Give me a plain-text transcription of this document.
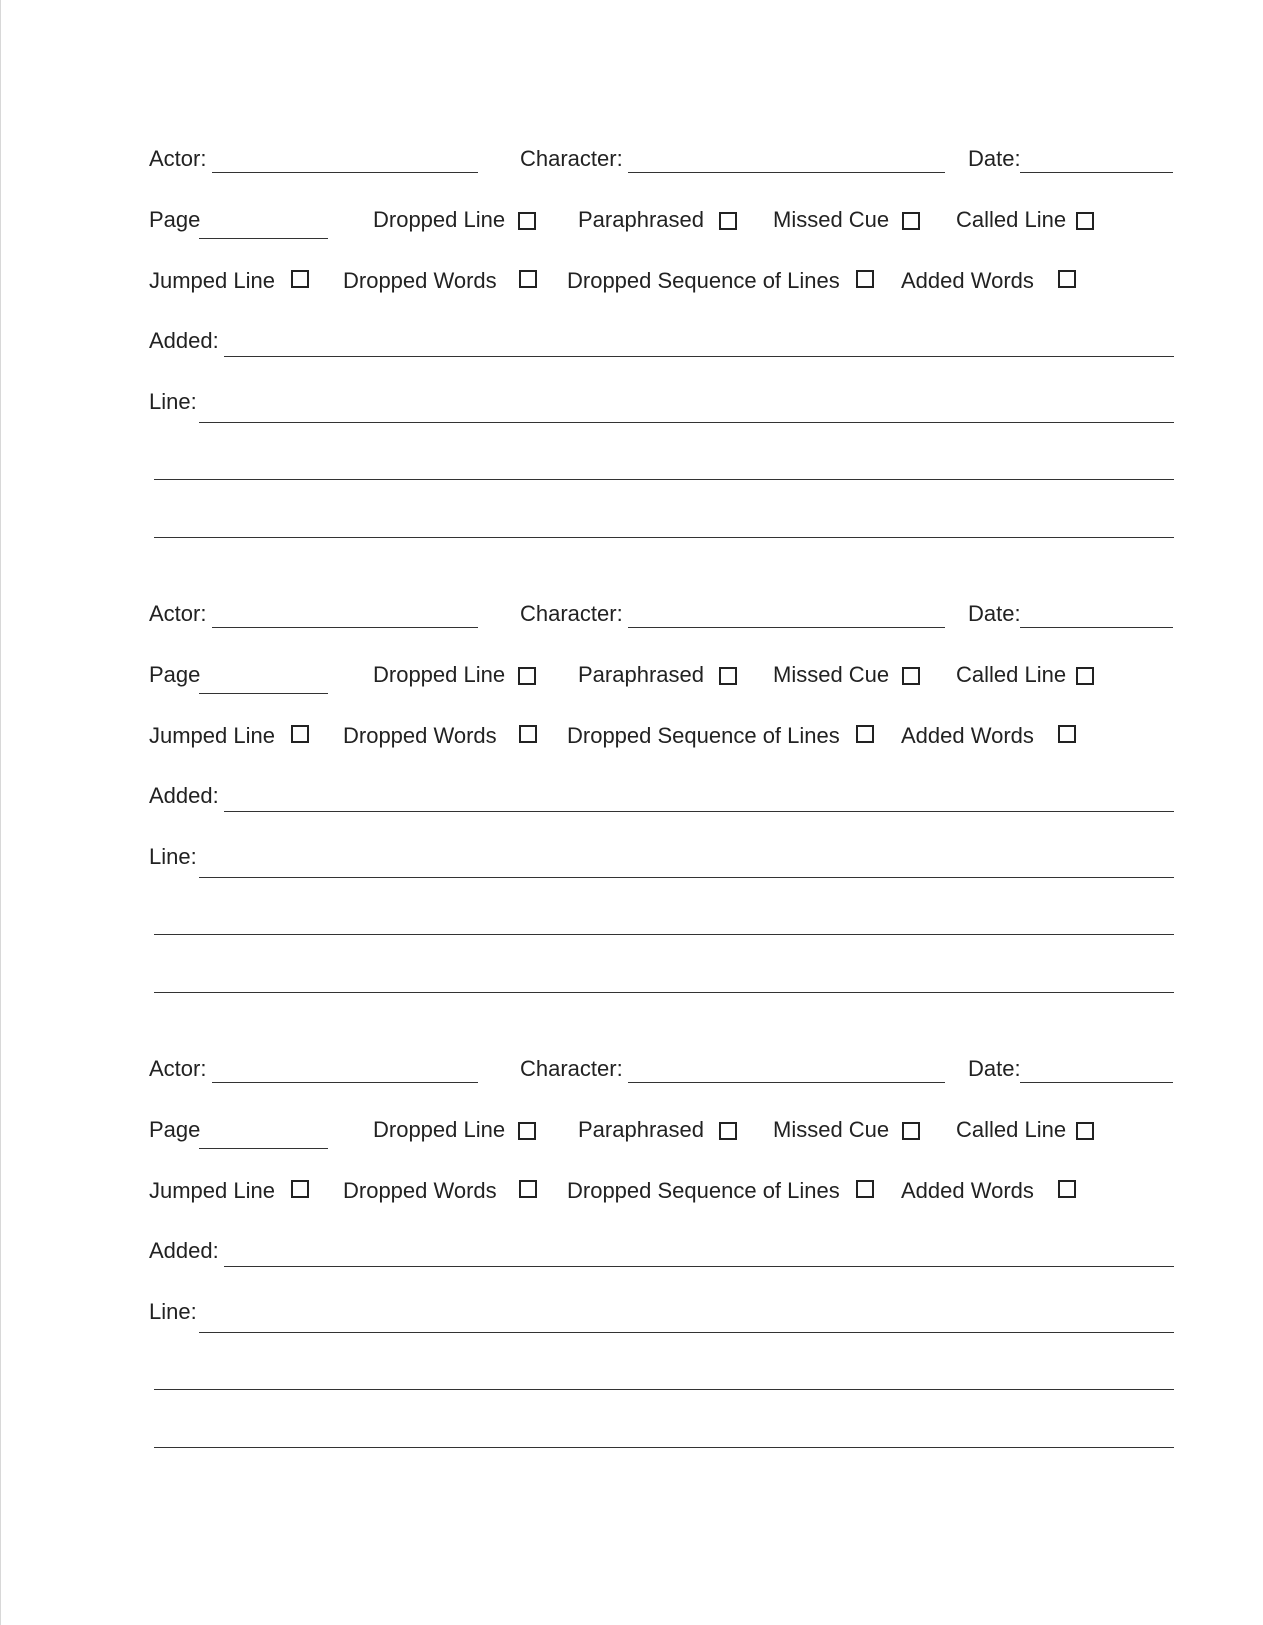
Actor:	Character:	Date:
Page	Dropped Line	Paraphrased	Missed Cue	Called Line
Jumped Line	Dropped Words	Dropped Sequence of Lines	Added Words
Added:
Line:
Actor:	Character:	Date:
Page	Dropped Line	Paraphrased	Missed Cue	Called Line
Jumped Line	Dropped Words	Dropped Sequence of Lines	Added Words
Added:
Line:
Actor:	Character:	Date:
Page	Dropped Line	Paraphrased	Missed Cue	Called Line
Jumped Line	Dropped Words	Dropped Sequence of Lines	Added Words
Added:
Line:
